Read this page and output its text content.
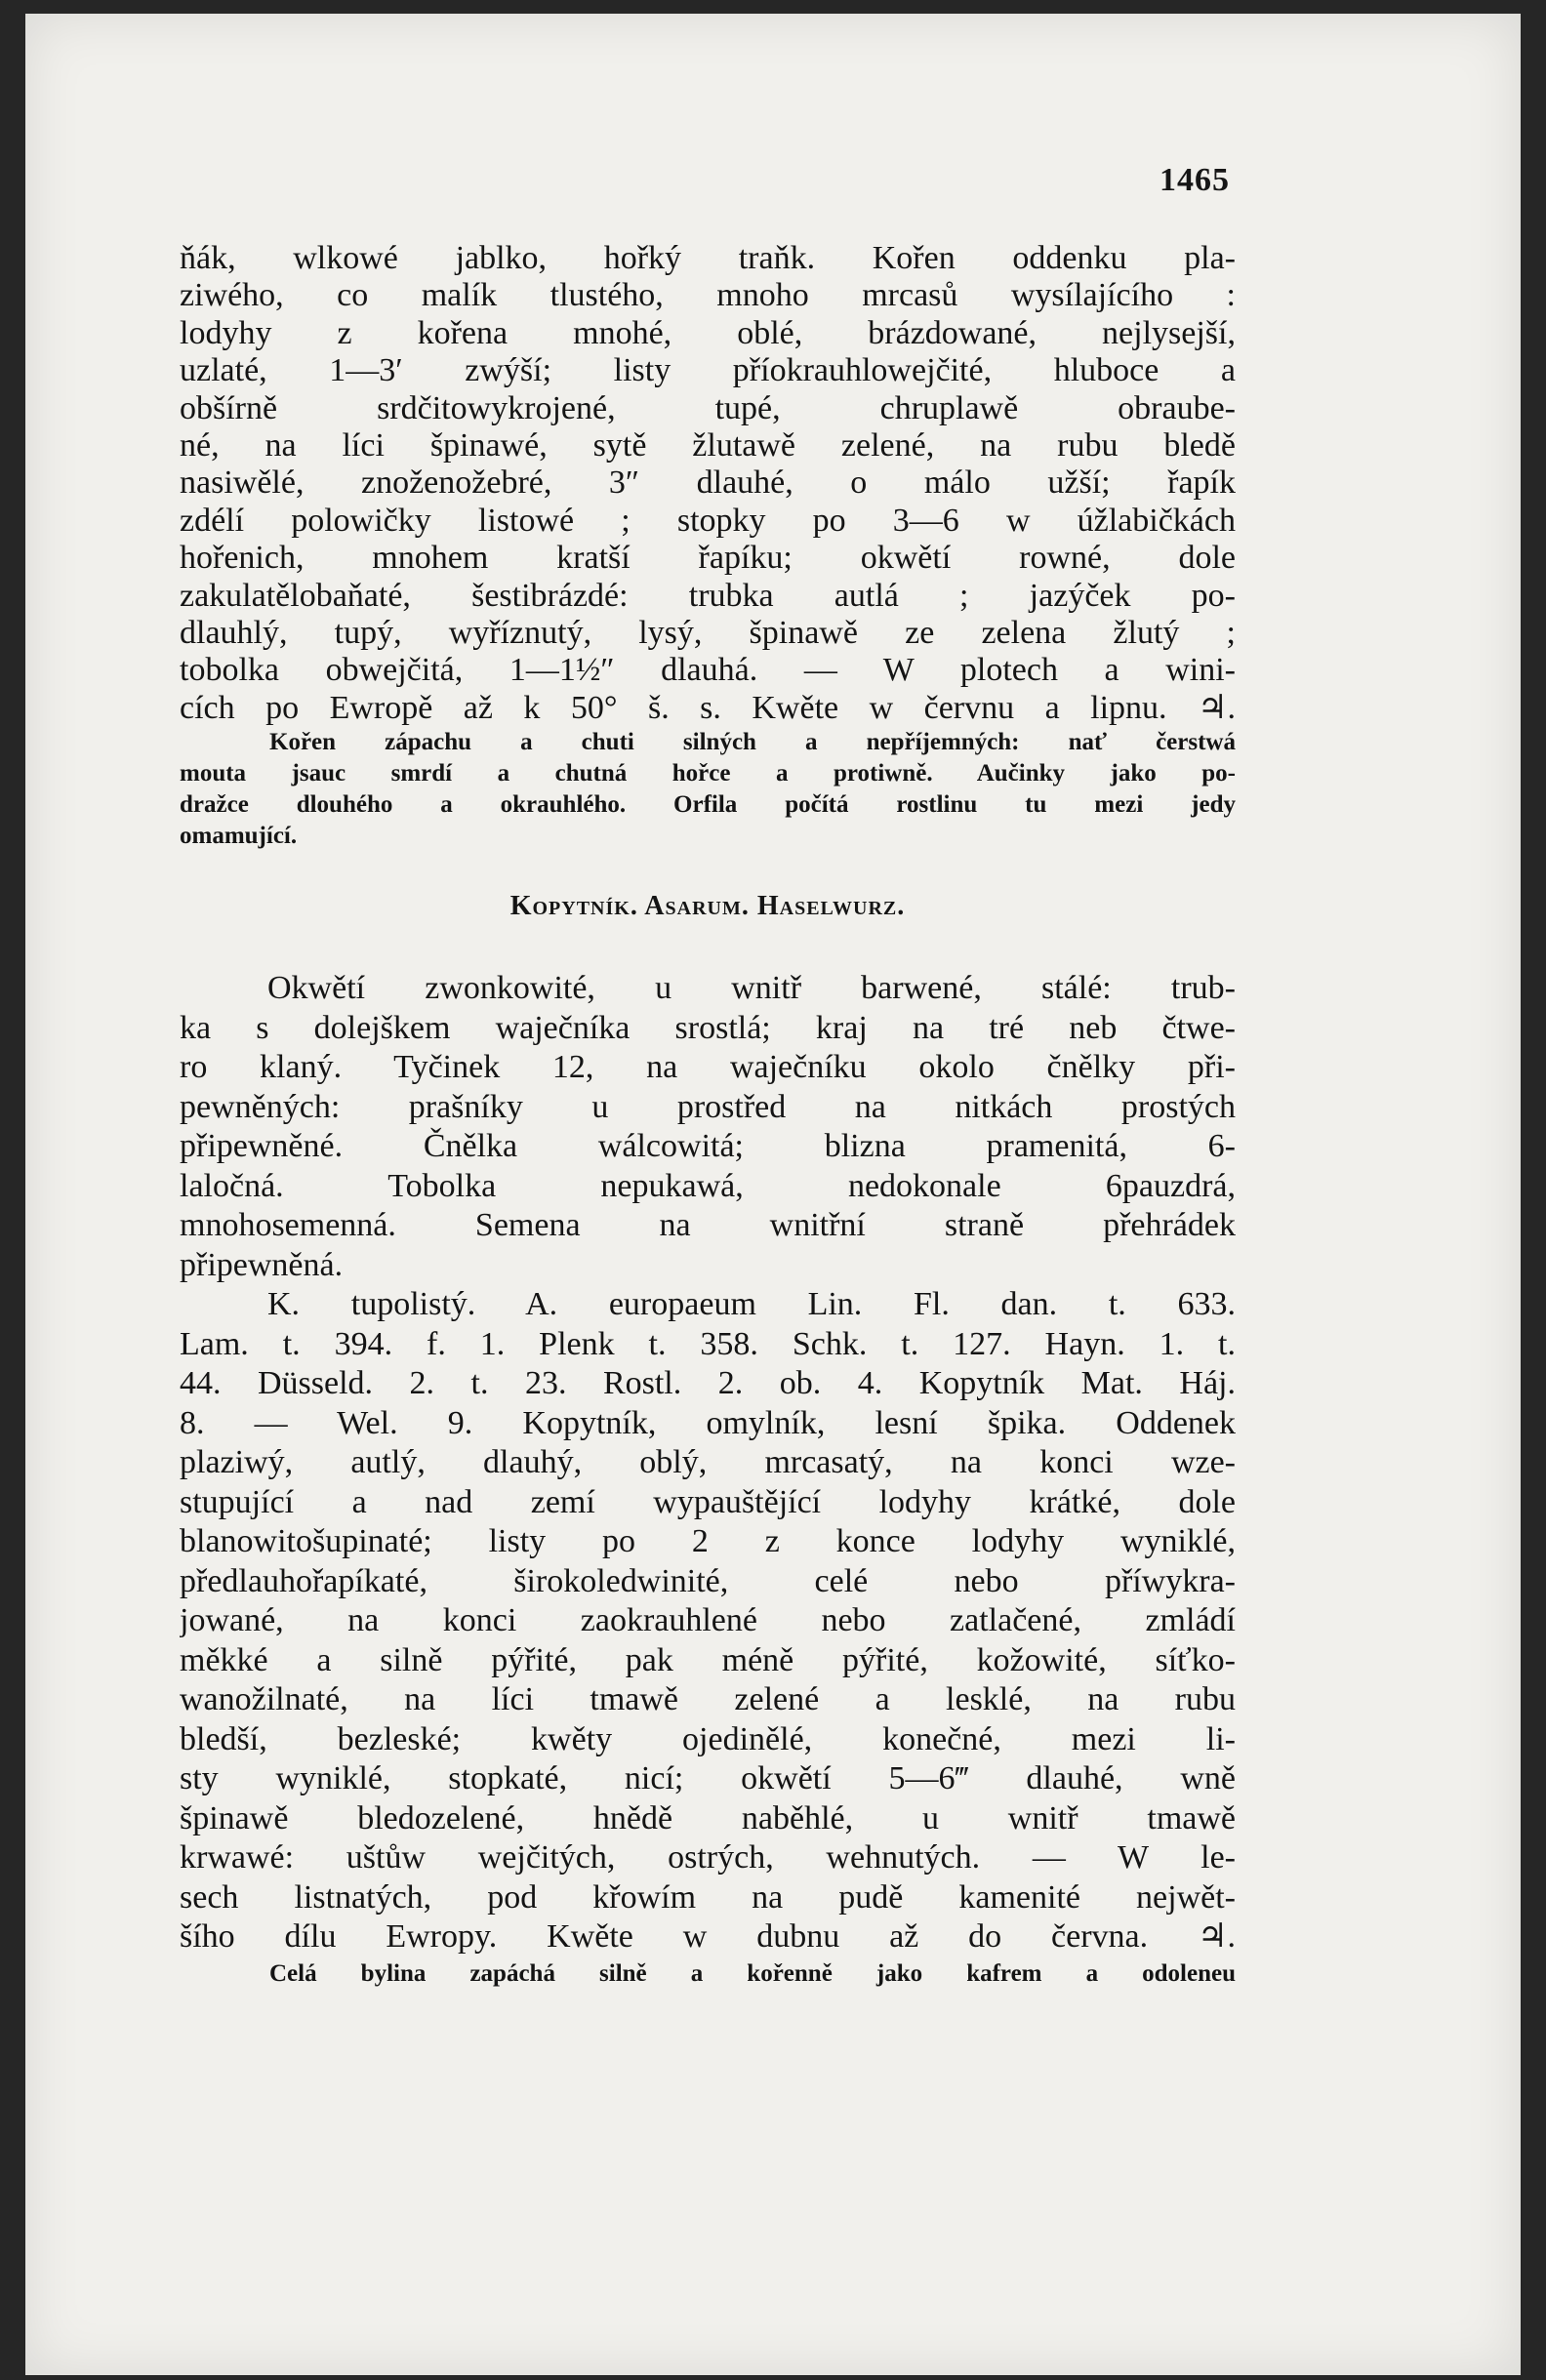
1465
ňák, wlkowé jablko, hořký traňk. Kořen oddenku pla-
ziwého, co malík tlustého, mnoho mrcasů wysílajícího :
lodyhy z kořena mnohé, oblé, brázdowané, nejlysejší,
uzlaté, 1—3′ zwýší; listy příokrauhlowejčité, hluboce a
obšírně srdčitowykrojené, tupé, chruplawě obraube-
né, na líci špinawé, sytě žlutawě zelené, na rubu bledě
nasiwělé, znoženožebré, 3″ dlauhé, o málo užší; řapík
zdélí polowičky listowé ; stopky po 3—6 w úžlabičkách
hořenich, mnohem kratší řapíku; okwětí rowné, dole
zakulatělobaňaté, šestibrázdé: trubka autlá ; jazýček po-
dlauhlý, tupý, wyříznutý, lysý, špinawě ze zelena žlutý ;
tobolka obwejčitá, 1—1½″ dlauhá. — W plotech a wini-
cích po Ewropě až k 50° š. s. Kwěte w červnu a lipnu. ♃.
Kořen zápachu a chuti silných a nepříjemných: nať čerstwá
mouta jsauc smrdí a chutná hořce a protiwně. Aučinky jako po-
dražce dlouhého a okrauhlého. Orfila počítá rostlinu tu mezi jedy
omamující.
Kopytník. Asarum. Haselwurz.
Okwětí zwonkowité, u wnitř barwené, stálé: trub-
ka s dolejškem waječníka srostlá; kraj na tré neb čtwe-
ro klaný. Tyčinek 12, na waječníku okolo čnělky při-
pewněných: prašníky u prostřed na nitkách prostých
připewněné. Čnělka wálcowitá; blizna pramenitá, 6-
laločná. Tobolka nepukawá, nedokonale 6pauzdrá,
mnohosemenná. Semena na wnitřní straně přehrádek
připewněná.
K. tupolistý. A. europaeum Lin. Fl. dan. t. 633.
Lam. t. 394. f. 1. Plenk t. 358. Schk. t. 127. Hayn. 1. t.
44. Düsseld. 2. t. 23. Rostl. 2. ob. 4. Kopytník Mat. Háj.
8. — Wel. 9. Kopytník, omylník, lesní špika. Oddenek
plaziwý, autlý, dlauhý, oblý, mrcasatý, na konci wze-
stupující a nad zemí wypauštějící lodyhy krátké, dole
blanowitošupinaté; listy po 2 z konce lodyhy wyniklé,
předlauhořapíkaté, širokoledwinité, celé nebo příwykra-
jowané, na konci zaokrauhlené nebo zatlačené, zmládí
měkké a silně pýřité, pak méně pýřité, kožowité, síťko-
wanožilnaté, na líci tmawě zelené a lesklé, na rubu
bledší, bezleské; kwěty ojedinělé, konečné, mezi li-
sty wyniklé, stopkaté, nicí; okwětí 5—6‴ dlauhé, wně
špinawě bledozelené, hnědě naběhlé, u wnitř tmawě
krwawé: uštůw wejčitých, ostrých, wehnutých. — W le-
sech listnatých, pod křowím na pudě kamenité nejwět-
šího dílu Ewropy. Kwěte w dubnu až do června. ♃.
Celá bylina zapáchá silně a kořenně jako kafrem a odoleneu
